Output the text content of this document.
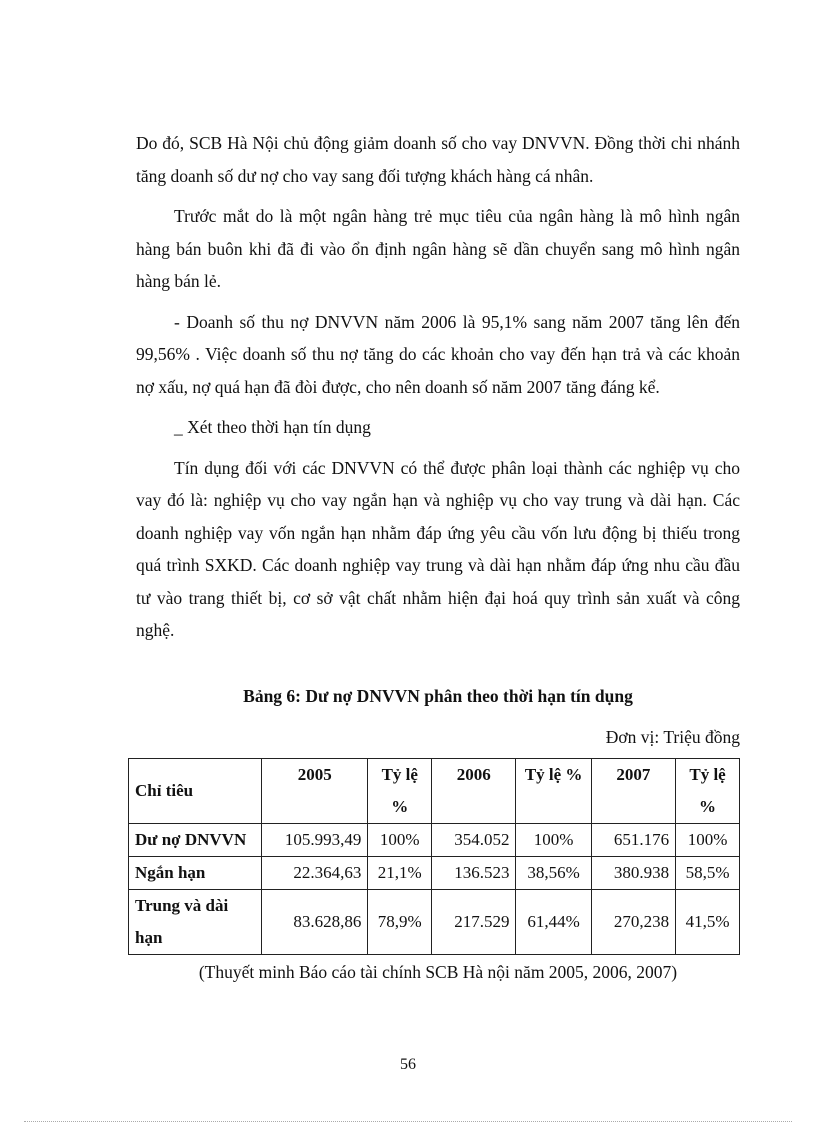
Do đó, SCB Hà Nội chủ động giảm doanh số cho vay DNVVN. Đồng thời chi nhánh tăng doanh số dư nợ cho vay sang đối tượng khách hàng cá nhân.

Trước mắt do là một ngân hàng trẻ mục tiêu của ngân hàng là mô hình ngân hàng bán buôn khi đã đi vào ổn định ngân hàng sẽ dần chuyển sang mô hình ngân hàng bán lẻ.

- Doanh số thu nợ DNVVN năm 2006 là 95,1% sang năm 2007 tăng lên đến 99,56% . Việc doanh số thu nợ tăng do các khoản cho vay đến hạn trả và các khoản nợ xấu, nợ quá hạn đã đòi được, cho nên doanh số năm 2007 tăng đáng kể.

_ Xét theo thời hạn tín dụng

Tín dụng đối với các DNVVN có thể được phân loại thành các nghiệp vụ cho vay đó là: nghiệp vụ cho vay ngắn hạn và nghiệp vụ cho vay trung và dài hạn. Các doanh nghiệp vay vốn ngắn hạn nhằm đáp ứng yêu cầu vốn lưu động bị thiếu trong quá trình SXKD. Các doanh nghiệp vay trung và dài hạn nhằm đáp ứng nhu cầu đầu tư vào trang thiết bị, cơ sở vật chất nhằm hiện đại hoá quy trình sản xuất và công nghệ.

Bảng 6: Dư nợ DNVVN phân theo thời hạn tín dụng
Đơn vị: Triệu đồng
Chỉ tiêu	2005	Tỷ lệ %	2006	Tỷ lệ %	2007	Tỷ lệ %
Dư nợ DNVVN	105.993,49	100%	354.052	100%	651.176	100%
Ngắn hạn	22.364,63	21,1%	136.523	38,56%	380.938	58,5%
Trung và dài hạn	83.628,86	78,9%	217.529	61,44%	270,238	41,5%
(Thuyết minh Báo cáo tài chính SCB Hà nội năm 2005, 2006, 2007)
56
